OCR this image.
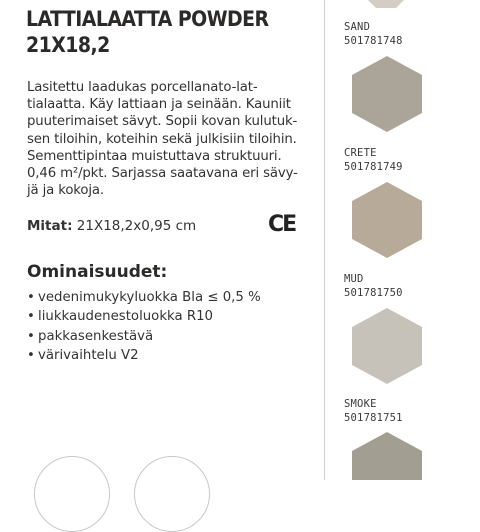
LATTIALAATTA POWDER
21X18,2

Lasitettu laadukas porcellanato-lat-
tialaatta. Käy lattiaan ja seinään. Kauniit
puuterimaiset sävyt. Sopii kovan kulutuk-
sen tiloihin, koteihin sekä julkisiin tiloihin.
Sementtipintaa muistuttava struktuuri.
0,46 m²/pkt. Sarjassa saatavana eri sävy-
jä ja kokoja.

Mitat: 21X18,2x0,95 cm	CE
Ominaisuudet:
• vedenimukykyluokka Bla ≤ 0,5 %
• liukkaudenestoluokka R10
• pakkasenkestävä
• värivaihtelu V2
SAND
501781748
CRETE
501781749
MUD
501781750
SMOKE
501781751
